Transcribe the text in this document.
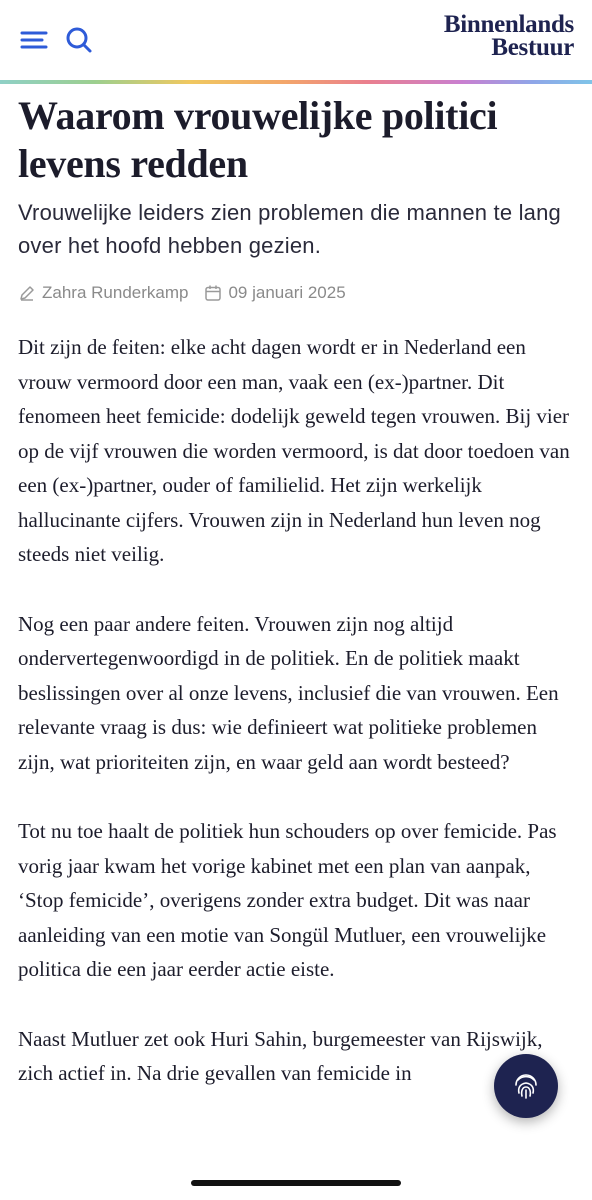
Binnenlands
Bestuur
Waarom vrouwelijke politici levens redden

Vrouwelijke leiders zien problemen die mannen te lang over het hoofd hebben gezien.

Zahra Runderkamp 09 januari 2025

Dit zijn de feiten: elke acht dagen wordt er in Nederland een vrouw vermoord door een man, vaak een (ex-)partner. Dit fenomeen heet femicide: dodelijk geweld tegen vrouwen. Bij vier op de vijf vrouwen die worden vermoord, is dat door toedoen van een (ex-)partner, ouder of familielid. Het zijn werkelijk hallucinante cijfers. Vrouwen zijn in Nederland hun leven nog steeds niet veilig.

Nog een paar andere feiten. Vrouwen zijn nog altijd ondervertegenwoordigd in de politiek. En de politiek maakt beslissingen over al onze levens, inclusief die van vrouwen. Een relevante vraag is dus: wie definieert wat politieke problemen zijn, wat prioriteiten zijn, en waar geld aan wordt besteed?

Tot nu toe haalt de politiek hun schouders op over femicide. Pas vorig jaar kwam het vorige kabinet met een plan van aanpak, ‘Stop femicide’, overigens zonder extra budget. Dit was naar aanleiding van een motie van Songül Mutluer, een vrouwelijke politica die een jaar eerder actie eiste.

Naast Mutluer zet ook Huri Sahin, burgemeester van Rijswijk, zich actief in. Na drie gevallen van femicide in
